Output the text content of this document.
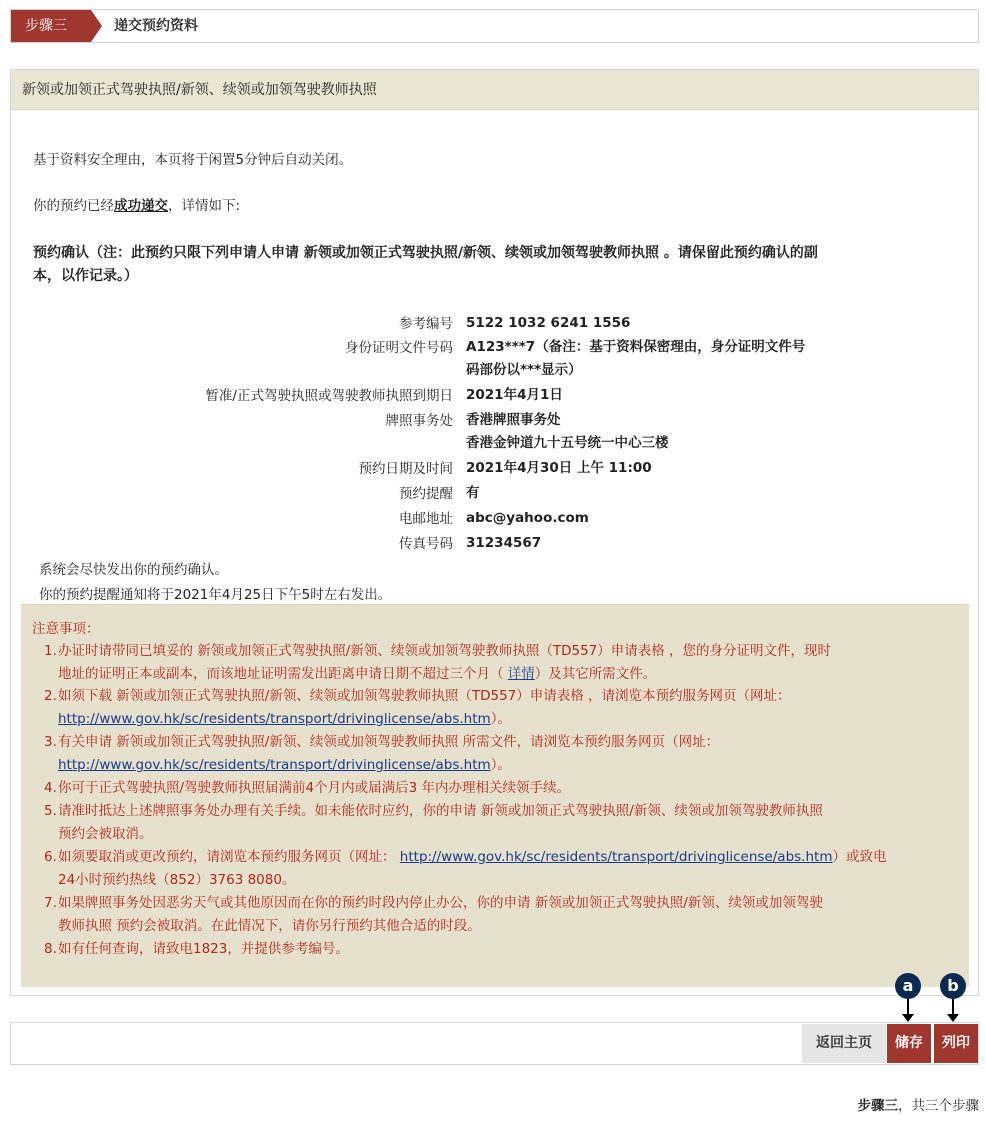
步骤三	递交预约资料
新领或加领正式驾驶执照/新领、续领或加领驾驶教师执照
基于资料安全理由，本页将于闲置5分钟后自动关闭。
你的预约已经成功递交，详情如下:
预约确认（注：此预约只限下列申请人申请 新领或加领正式驾驶执照/新领、续领或加领驾驶教师执照 。请保留此预约确认的副
本，以作记录。）
参考编号 5122 1032 6241 1556
身份证明文件号码 A123***7（备注：基于资料保密理由，身分证明文件号
码部份以***显示）
暂准/正式驾驶执照或驾驶教师执照到期日 2021年4月1日
牌照事务处 香港牌照事务处
香港金钟道九十五号统一中心三楼
预约日期及时间 2021年4月30日 上午 11:00
预约提醒 有
电邮地址 abc@yahoo.com
传真号码 31234567
系统会尽快发出你的预约确认。
你的预约提醒通知将于2021年4月25日下午5时左右发出。
注意事项：
1. 办证时请带同已填妥的 新领或加领正式驾驶执照/新领、续领或加领驾驶教师执照（TD557）申请表格 ，您的身分证明文件，现时
地址的证明正本或副本，而该地址证明需发出距离申请日期不超过三个月（ 详情）及其它所需文件。
2. 如须下载 新领或加领正式驾驶执照/新领、续领或加领驾驶教师执照（TD557）申请表格 ，请浏览本预约服务网页（网址：
http://www.gov.hk/sc/residents/transport/drivinglicense/abs.htm）。
3. 有关申请 新领或加领正式驾驶执照/新领、续领或加领驾驶教师执照 所需文件，请浏览本预约服务网页（网址：
http://www.gov.hk/sc/residents/transport/drivinglicense/abs.htm）。
4. 你可于正式驾驶执照/驾驶教师执照届满前4个月内或届满后3 年内办理相关续领手续。
5. 请准时抵达上述牌照事务处办理有关手续。如未能依时应约，你的申请 新领或加领正式驾驶执照/新领、续领或加领驾驶教师执照
预约会被取消。
6. 如须要取消或更改预约，请浏览本预约服务网页（网址： http://www.gov.hk/sc/residents/transport/drivinglicense/abs.htm）或致电
24小时预约热线（852）3763 8080。
7. 如果牌照事务处因恶劣天气或其他原因而在你的预约时段内停止办公，你的申请 新领或加领正式驾驶执照/新领、续领或加领驾驶
教师执照 预约会被取消。在此情况下，请你另行预约其他合适的时段。
8. 如有任何查询，请致电1823，并提供参考编号。
a	b
返回主页	储存	列印
步骤三，共三个步骤
